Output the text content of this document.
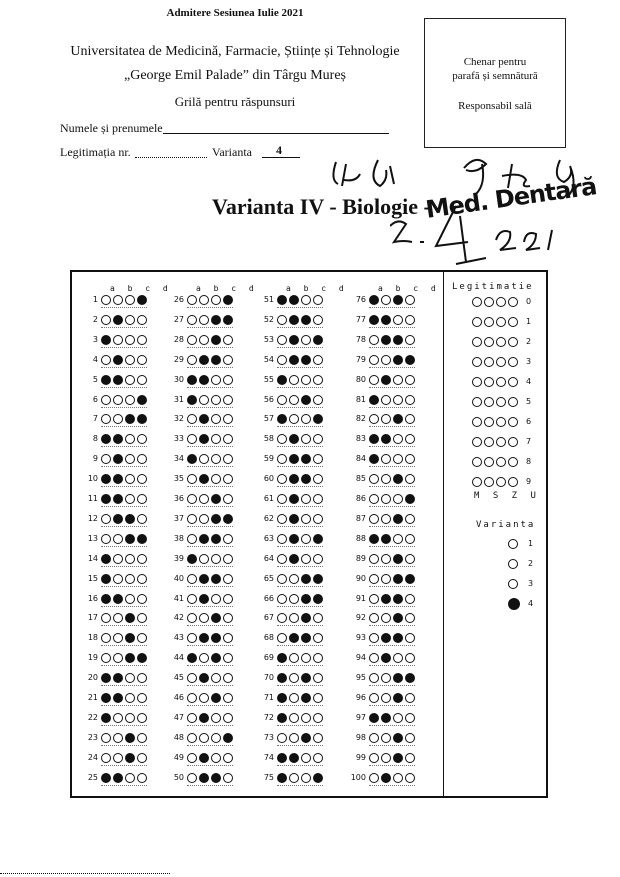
Admitere Sesiunea Iulie 2021
Universitatea de Medicină, Farmacie, Științe și Tehnologie
„George Emil Palade” din Târgu Mureș
Grilă pentru răspunsuri
Numele și prenumele
Legitimația nr.	Varianta 4
Chenar pentru
parafă și semnătură
Responsabil sală
Varianta IV - Biologie -
Med. Dentară
a b c d
1
2
3
4
5
6
7
8
9
10
11
12
13
14
15
16
17
18
19
20
21
22
23
24
25
a b c d
26
27
28
29
30
31
32
33
34
35
36
37
38
39
40
41
42
43
44
45
46
47
48
49
50
a b c d
51
52
53
54
55
56
57
58
59
60
61
62
63
64
65
66
67
68
69
70
71
72
73
74
75
a b c d
76
77
78
79
80
81
82
83
84
85
86
87
88
89
90
91
92
93
94
95
96
97
98
99
100
Legitimatie
0
1
2
3
4
5
6
7
8
9
M S Z U
Varianta
1
2
3
4
